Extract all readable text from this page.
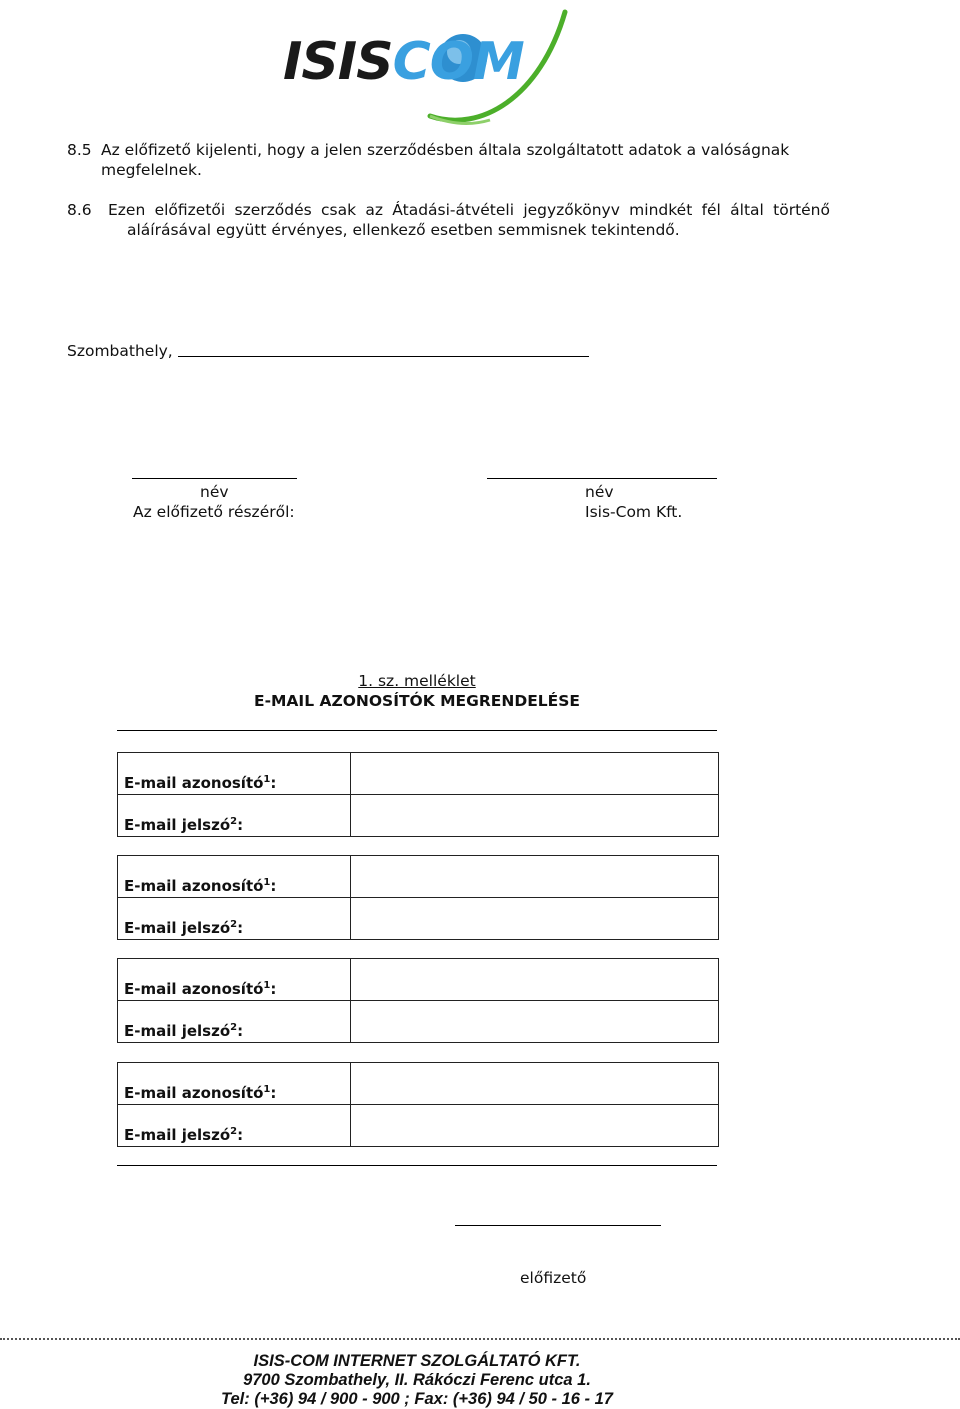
ISISCOM
8.5 Az előfizető kijelenti, hogy a jelen szerződésben általa szolgáltatott adatok a valóságnak
megfelelnek.
8.6 Ezen előfizetői szerződés csak az Átadási-átvételi jegyzőkönyv mindkét fél által történő
aláírásával együtt érvényes, ellenkező esetben semmisnek tekintendő.
Szombathely,
név
Az előfizető részéről:
név
Isis-Com Kft.
1. sz. melléklet
E-MAIL AZONOSÍTÓK MEGRENDELÉSE
E-mail azonosító$^1$:
E-mail jelszó$^2$:
E-mail azonosító$^1$:
E-mail jelszó$^2$:
E-mail azonosító$^1$:
E-mail jelszó$^2$:
E-mail azonosító$^1$:
E-mail jelszó$^2$:
előfizető
ISIS-COM INTERNET SZOLGÁLTATÓ KFT.
9700 Szombathely, II. Rákóczi Ferenc utca 1.
Tel: (+36) 94 / 900 - 900 ; Fax: (+36) 94 / 50 - 16 - 17
